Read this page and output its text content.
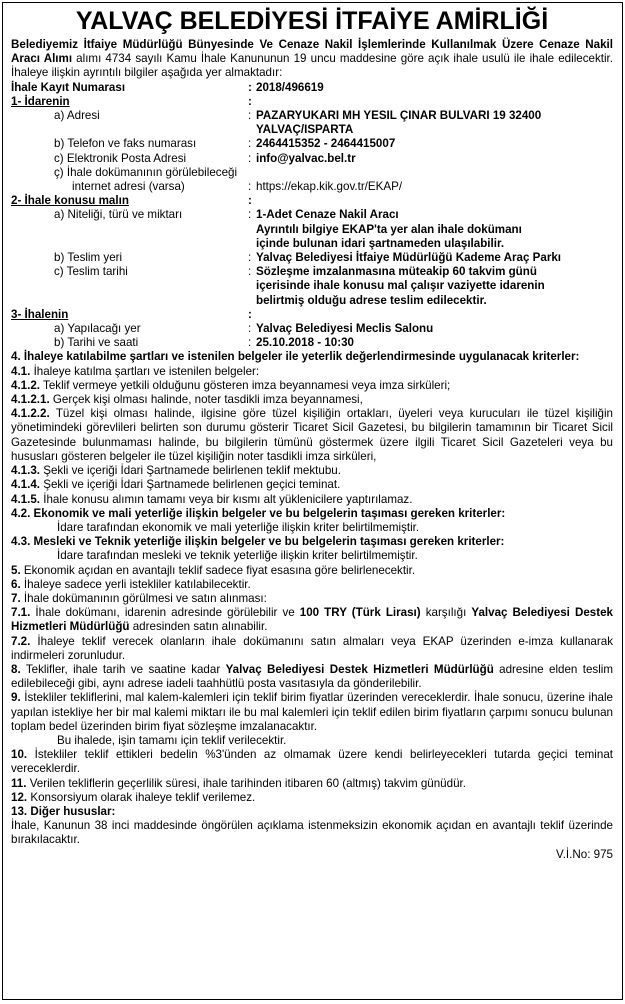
YALVAÇ BELEDİYESİ İTFAİYE AMİRLİĞİ

Belediyemiz İtfaiye Müdürlüğü Bünyesinde Ve Cenaze Nakil İşlemlerinde Kullanılmak Üzere Cenaze Nakil Aracı Alımı alımı 4734 sayılı Kamu İhale Kanununun 19 uncu maddesine göre açık ihale usulü ile ihale edilecektir. İhaleye ilişkin ayrıntılı bilgiler aşağıda yer almaktadır:

İhale Kayıt Numarası	: 2018/496619
1- İdarenin	:
a) Adresi	: PAZARYUKARI MH YESIL ÇINAR BULVARI 19 32400
YALVAÇ/ISPARTA
b) Telefon ve faks numarası	: 2464415352 - 2464415007
c) Elektronik Posta Adresi	: info@yalvac.bel.tr
ç) İhale dokümanının görülebileceği
internet adresi (varsa)	: https://ekap.kik.gov.tr/EKAP/
2- İhale konusu malın	:
a) Niteliği, türü ve miktarı	: 1-Adet Cenaze Nakil Aracı
Ayrıntılı bilgiye EKAP'ta yer alan ihale dokümanı
içinde bulunan idari şartnameden ulaşılabilir.
b) Teslim yeri	: Yalvaç Belediyesi İtfaiye Müdürlüğü Kademe Araç Parkı
c) Teslim tarihi	: Sözleşme imzalanmasına müteakip 60 takvim günü
içerisinde ihale konusu mal çalışır vaziyette idarenin
belirtmiş olduğu adrese teslim edilecektir.
3- İhalenin	:
a) Yapılacağı yer	: Yalvaç Belediyesi Meclis Salonu
b) Tarihi ve saati	: 25.10.2018 - 10:30

4. İhaleye katılabilme şartları ve istenilen belgeler ile yeterlik değerlendirmesinde uygulanacak kriterler:

4.1. İhaleye katılma şartları ve istenilen belgeler:

4.1.2. Teklif vermeye yetkili olduğunu gösteren imza beyannamesi veya imza sirküleri;

4.1.2.1. Gerçek kişi olması halinde, noter tasdikli imza beyannamesi,

4.1.2.2. Tüzel kişi olması halinde, ilgisine göre tüzel kişiliğin ortakları, üyeleri veya kurucuları ile tüzel kişiliğin yönetimindeki görevlileri belirten son durumu gösterir Ticaret Sicil Gazetesi, bu bilgilerin tamamının bir Ticaret Sicil Gazetesinde bulunmaması halinde, bu bilgilerin tümünü göstermek üzere ilgili Ticaret Sicil Gazeteleri veya bu hususları gösteren belgeler ile tüzel kişiliğin noter tasdikli imza sirküleri,

4.1.3. Şekli ve içeriği İdari Şartnamede belirlenen teklif mektubu.

4.1.4. Şekli ve içeriği İdari Şartnamede belirlenen geçici teminat.

4.1.5. İhale konusu alımın tamamı veya bir kısmı alt yüklenicilere yaptırılamaz.

4.2. Ekonomik ve mali yeterliğe ilişkin belgeler ve bu belgelerin taşıması gereken kriterler:

İdare tarafından ekonomik ve mali yeterliğe ilişkin kriter belirtilmemiştir.

4.3. Mesleki ve Teknik yeterliğe ilişkin belgeler ve bu belgelerin taşıması gereken kriterler:

İdare tarafından mesleki ve teknik yeterliğe ilişkin kriter belirtilmemiştir.

5. Ekonomik açıdan en avantajlı teklif sadece fiyat esasına göre belirlenecektir.

6. İhaleye sadece yerli istekliler katılabilecektir.

7. İhale dokümanının görülmesi ve satın alınması:

7.1. İhale dokümanı, idarenin adresinde görülebilir ve 100 TRY (Türk Lirası) karşılığı Yalvaç Belediyesi Destek Hizmetleri Müdürlüğü adresinden satın alınabilir.

7.2. İhaleye teklif verecek olanların ihale dokümanını satın almaları veya EKAP üzerinden e-imza kullanarak indirmeleri zorunludur.

8. Teklifler, ihale tarih ve saatine kadar Yalvaç Belediyesi Destek Hizmetleri Müdürlüğü adresine elden teslim edilebileceği gibi, aynı adrese iadeli taahhütlü posta vasıtasıyla da gönderilebilir.

9. İstekliler tekliflerini, mal kalem-kalemleri için teklif birim fiyatlar üzerinden vereceklerdir. İhale sonucu, üzerine ihale yapılan istekliye her bir mal kalemi miktarı ile bu mal kalemleri için teklif edilen birim fiyatların çarpımı sonucu bulunan toplam bedel üzerinden birim fiyat sözleşme imzalanacaktır.

Bu ihalede, işin tamamı için teklif verilecektir.

10. İstekliler teklif ettikleri bedelin %3'ünden az olmamak üzere kendi belirleyecekleri tutarda geçici teminat vereceklerdir.

11. Verilen tekliflerin geçerlilik süresi, ihale tarihinden itibaren 60 (altmış) takvim günüdür.

12. Konsorsiyum olarak ihaleye teklif verilemez.

13. Diğer hususlar:

İhale, Kanunun 38 inci maddesinde öngörülen açıklama istenmeksizin ekonomik açıdan en avantajlı teklif üzerinde bırakılacaktır.

V.İ.No: 975
